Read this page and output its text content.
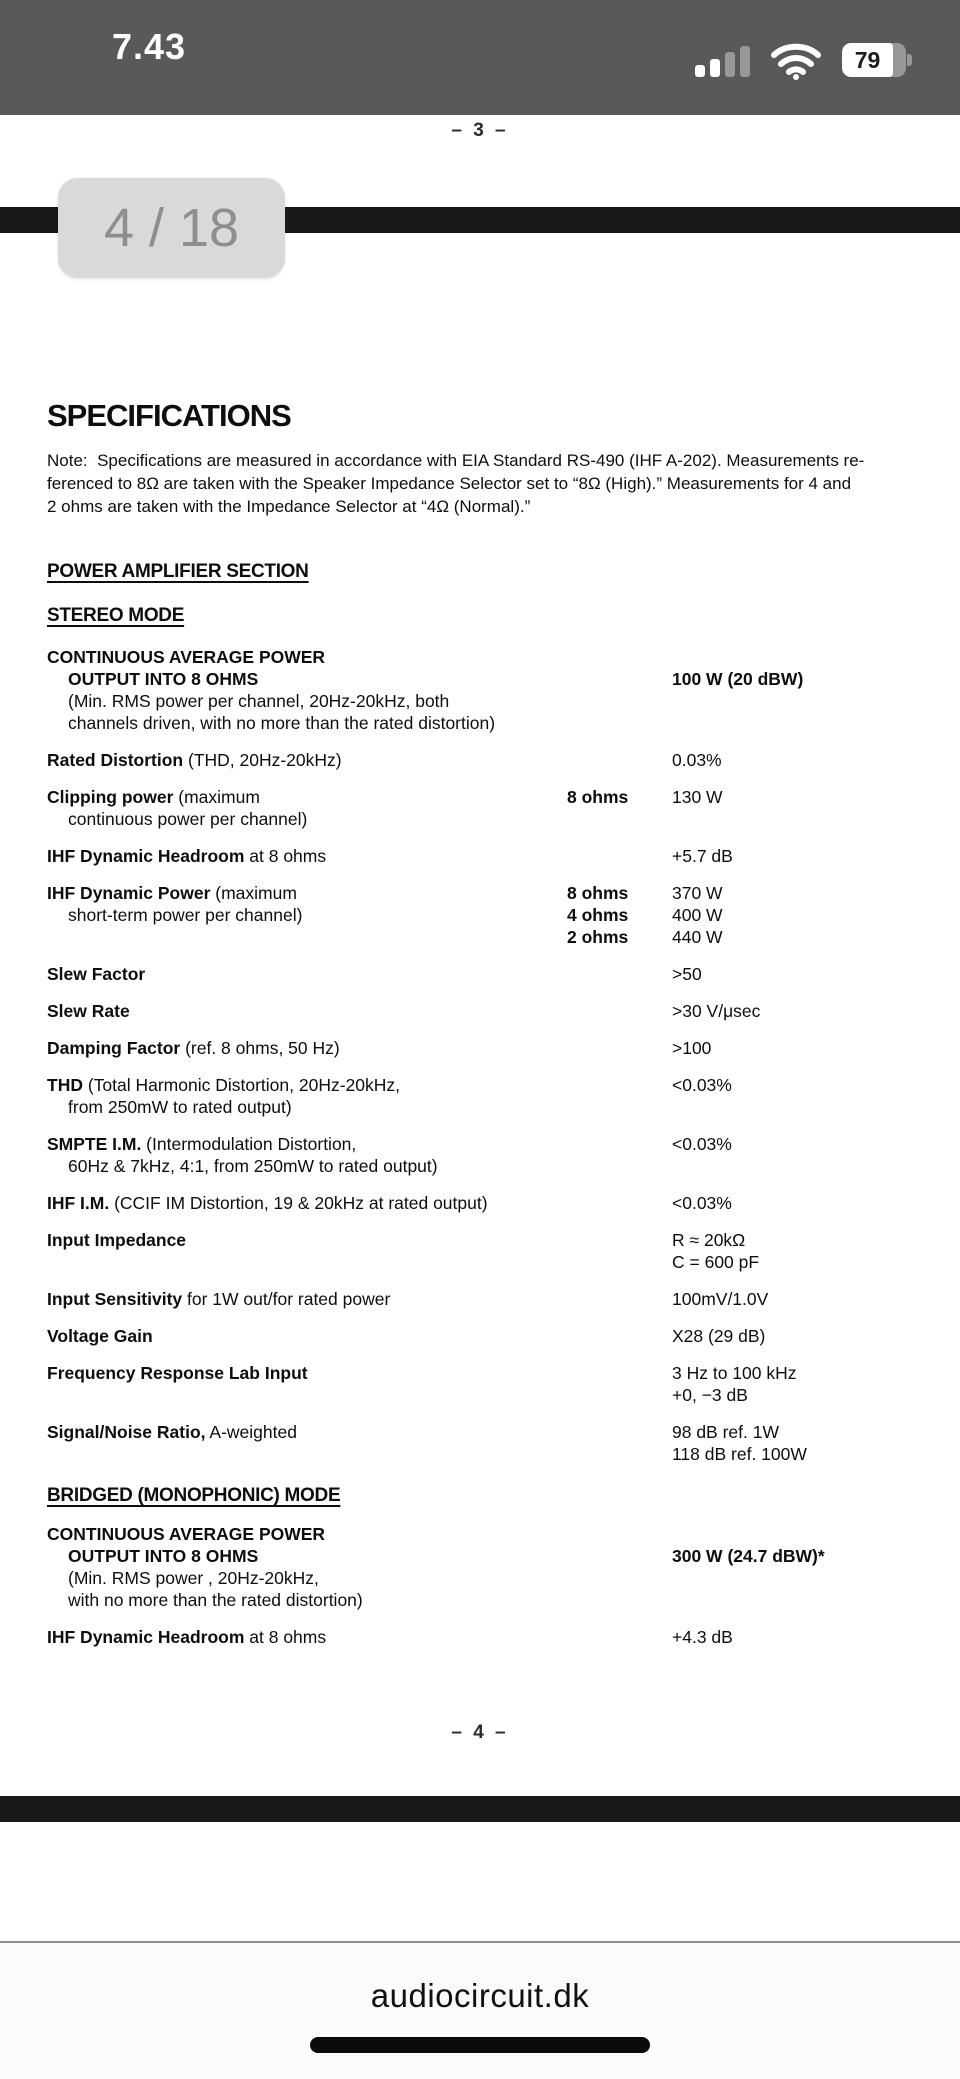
7.43	79
– 3 –
4 / 18
– 4 –
SPECIFICATIONS
Note:  Specifications are measured in accordance with EIA Standard RS-490 (IHF A-202). Measurements re-
ferenced to 8Ω are taken with the Speaker Impedance Selector set to “8Ω (High).” Measurements for 4 and
2 ohms are taken with the Impedance Selector at “4Ω (Normal).”
POWER AMPLIFIER SECTION
STEREO MODE
CONTINUOUS AVERAGE POWER
OUTPUT INTO 8 OHMS	100 W (20 dBW)
(Min. RMS power per channel, 20Hz-20kHz, both
channels driven, with no more than the rated distortion)
Rated Distortion (THD, 20Hz-20kHz)	0.03%
Clipping power (maximum	8 ohms	130 W
continuous power per channel)
IHF Dynamic Headroom at 8 ohms	+5.7 dB
IHF Dynamic Power (maximum	8 ohms	370 W
short-term power per channel)	4 ohms	400 W
2 ohms	440 W
Slew Factor	>50
Slew Rate	>30 V/μsec
Damping Factor (ref. 8 ohms, 50 Hz)	>100
THD (Total Harmonic Distortion, 20Hz-20kHz,	<0.03%
from 250mW to rated output)
SMPTE I.M. (Intermodulation Distortion,	<0.03%
60Hz & 7kHz, 4:1, from 250mW to rated output)
IHF I.M. (CCIF IM Distortion, 19 & 20kHz at rated output)	<0.03%
Input Impedance	R ≈ 20kΩ
C = 600 pF
Input Sensitivity for 1W out/for rated power	100mV/1.0V
Voltage Gain	X28 (29 dB)
Frequency Response Lab Input	3 Hz to 100 kHz
+0, −3 dB
Signal/Noise Ratio, A-weighted	98 dB ref. 1W
118 dB ref. 100W
BRIDGED (MONOPHONIC) MODE
CONTINUOUS AVERAGE POWER
OUTPUT INTO 8 OHMS	300 W (24.7 dBW)*
(Min. RMS power , 20Hz-20kHz,
with no more than the rated distortion)
IHF Dynamic Headroom at 8 ohms	+4.3 dB
audiocircuit.dk
